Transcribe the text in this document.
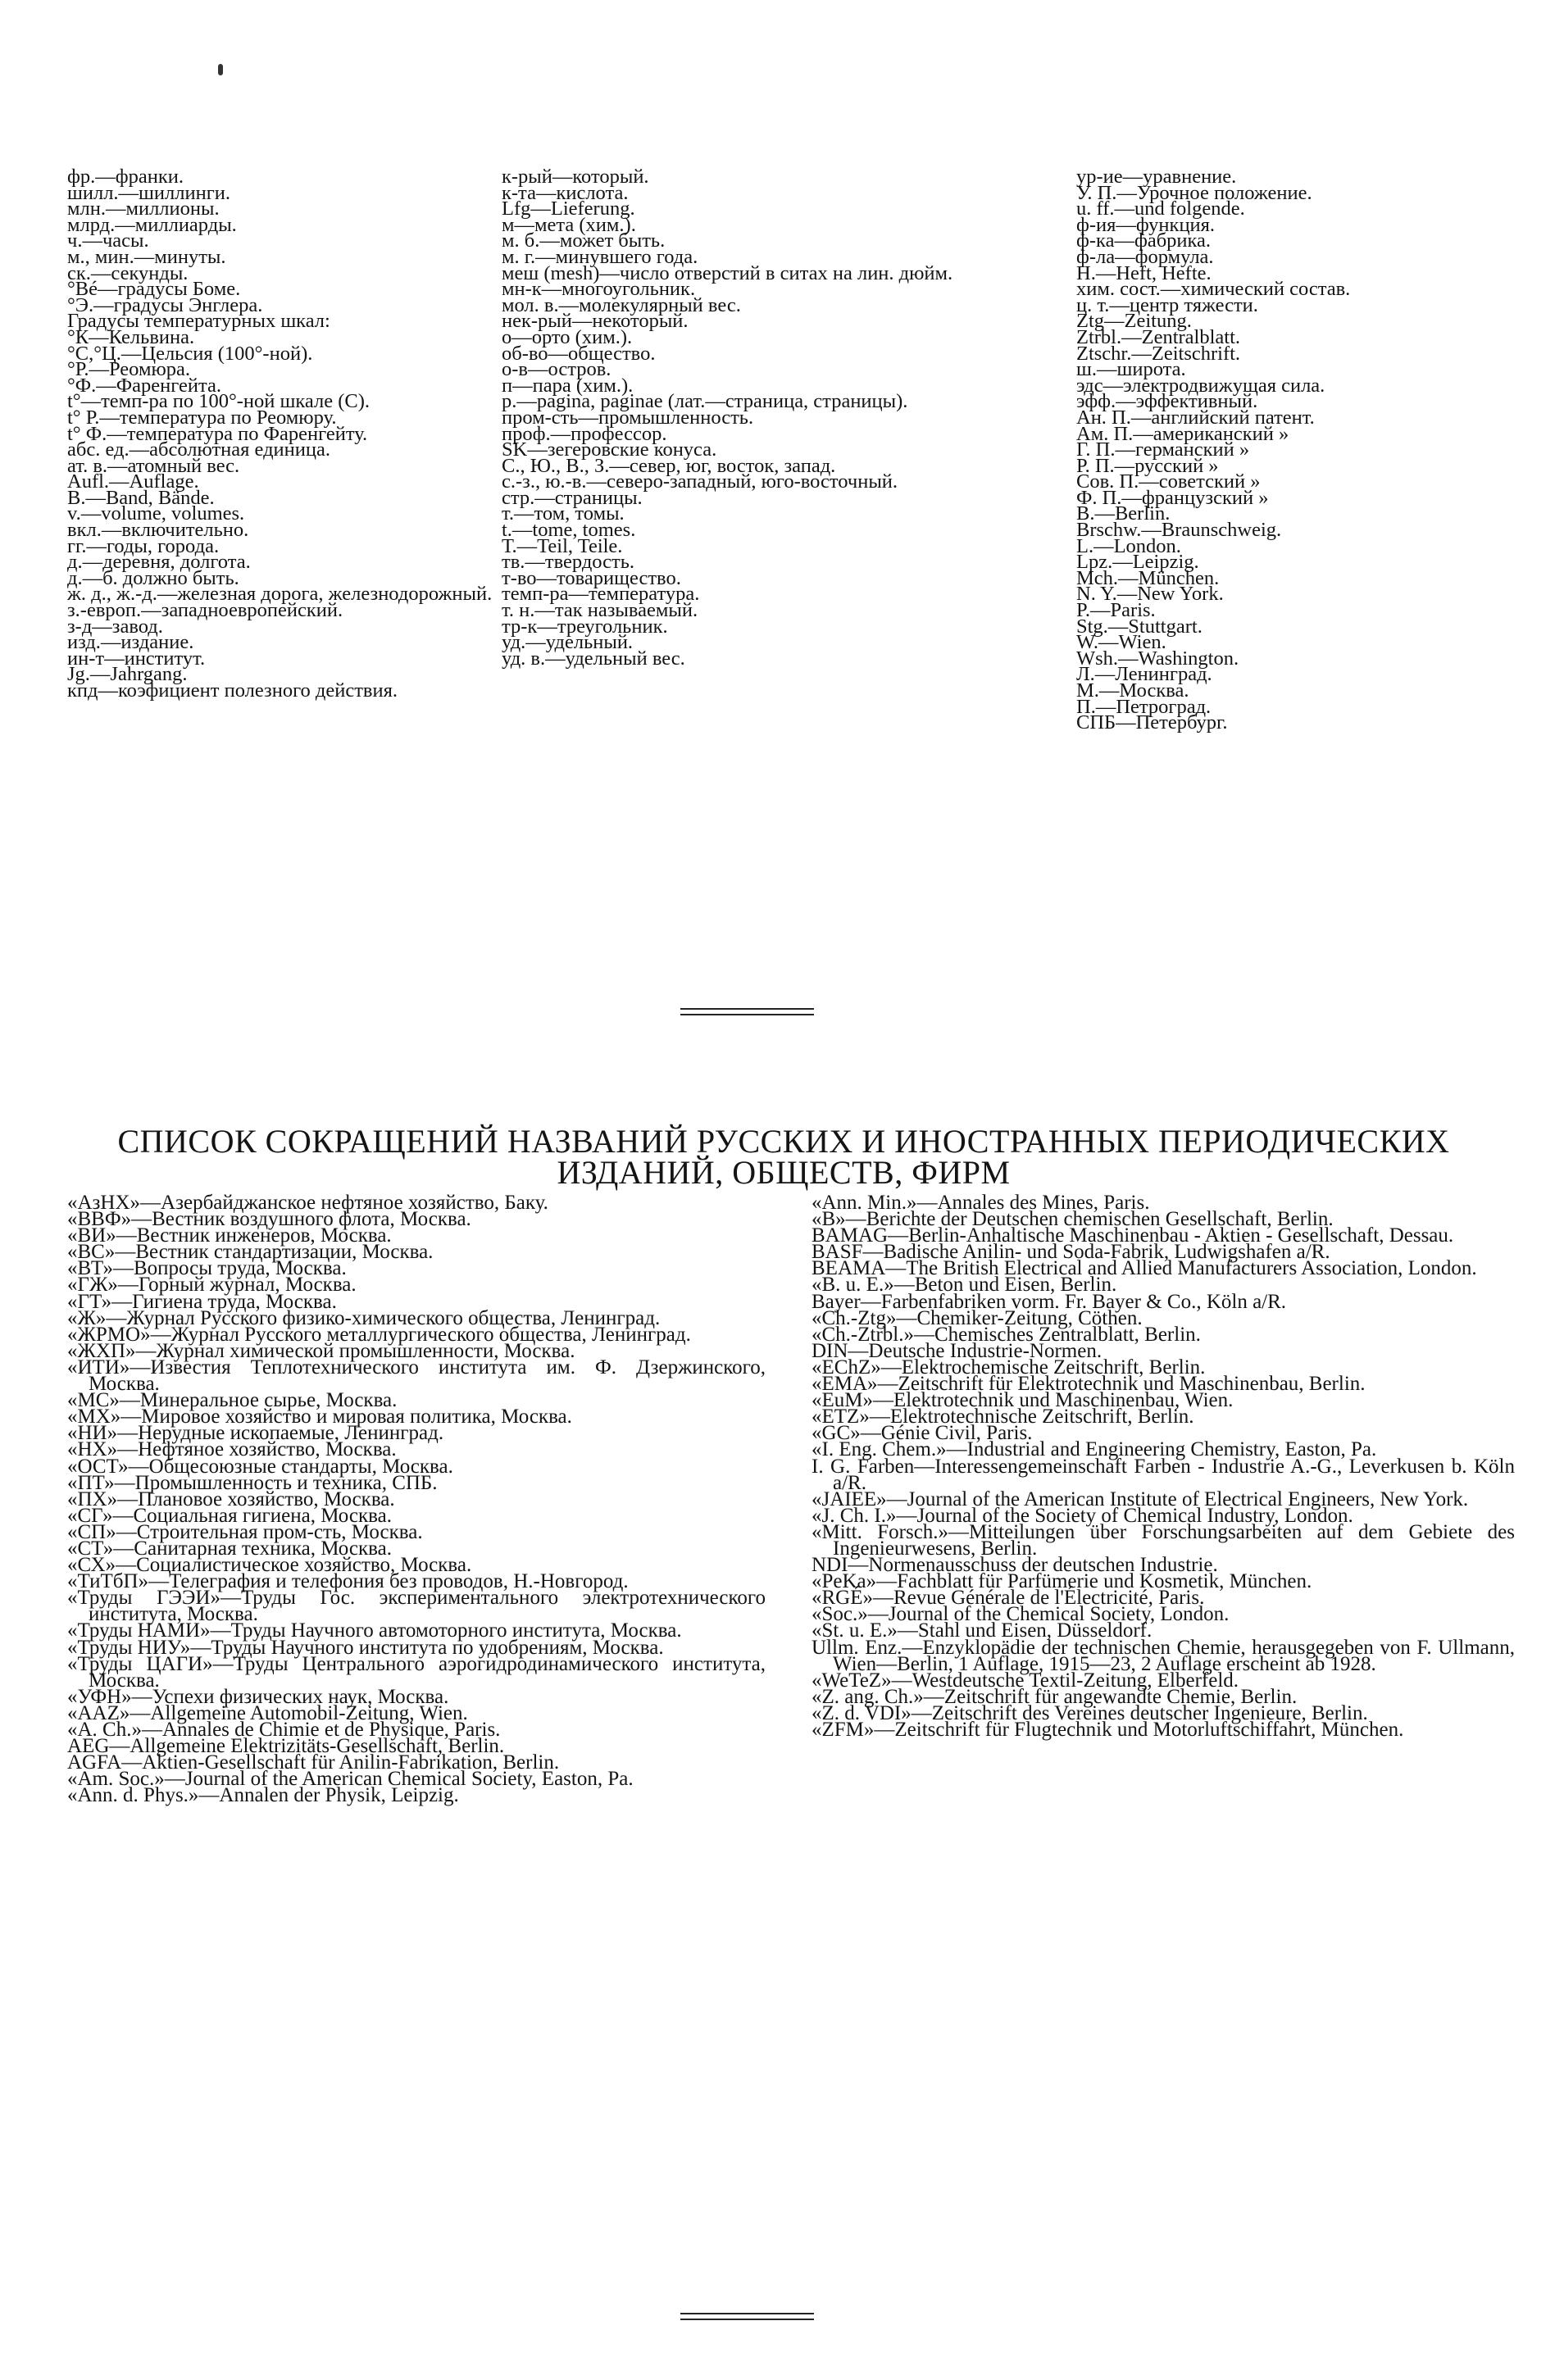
фр.—франки.
шилл.—шиллинги.
млн.—миллионы.
млрд.—миллиарды.
ч.—часы.
м., мин.—минуты.
ск.—секунды.
°Bé—градусы Боме.
°Э.—градусы Энглера.
Градусы температурных шкал:
°К—Кельвина.
°С,°Ц.—Цельсия (100°-ной).
°Р.—Реомюра.
°Ф.—Фаренгейта.
t°—темп-ра по 100°-ной шкале (С).
t° Р.—температура по Реомюру.
t° Ф.—температура по Фаренгейту.
абс. ед.—абсолютная единица.
ат. в.—атомный вес.
Aufl.—Auflage.
B.—Band, Bände.
v.—volume, volumes.
вкл.—включительно.
гг.—годы, города.
д.—деревня, долгота.
д.—б. должно быть.
ж. д., ж.-д.—железная дорога, железнодорожный.
з.-европ.—западноевропейский.
з-д—завод.
изд.—издание.
ин-т—институт.
Jg.—Jahrgang.
кпд—коэфициент полезного действия.
к-рый—который.
к-та—кислота.
Lfg—Lieferung.
м—мета (хим.).
м. б.—может быть.
м. г.—минувшего года.
меш (mesh)—число отверстий в ситах на лин. дюйм.
мн-к—многоугольник.
мол. в.—молекулярный вес.
нек-рый—некоторый.
о—орто (хим.).
об-во—общество.
о-в—остров.
п—пара (хим.).
р.—pagina, paginae (лат.—страница, страницы).
пром-сть—промышленность.
проф.—профессор.
SK—зегеровские конуса.
С., Ю., В., З.—север, юг, восток, запад.
с.-з., ю.-в.—северо-западный, юго-восточный.
стр.—страницы.
т.—том, томы.
t.—tome, tomes.
Т.—Teil, Teile.
тв.—твердость.
т-во—товарищество.
темп-ра—температура.
т. н.—так называемый.
тр-к—треугольник.
уд.—удельный.
уд. в.—удельный вес.
ур-ие—уравнение.
У. П.—Урочное положение.
u. ff.—und folgende.
ф-ия—функция.
ф-ка—фабрика.
ф-ла—формула.
Н.—Heft, Hefte.
хим. сост.—химический состав.
ц. т.—центр тяжести.
Ztg—Zeitung.
Ztrbl.—Zentralblatt.
Ztschr.—Zeitschrift.
ш.—широта.
эдс—электродвижущая сила.
эфф.—эффективный.
Ан. П.—английский патент.
Ам. П.—американский »
Г. П.—германский »
Р. П.—русский »
Сов. П.—советский »
Ф. П.—французский »
B.—Berlin.
Brschw.—Braunschweig.
L.—London.
Lpz.—Leipzig.
Mch.—München.
N. Y.—New York.
P.—Paris.
Stg.—Stuttgart.
W.—Wien.
Wsh.—Washington.
Л.—Ленинград.
М.—Москва.
П.—Петроград.
СПБ—Петербург.
СПИСОК СОКРАЩЕНИЙ НАЗВАНИЙ РУССКИХ И ИНОСТРАННЫХ ПЕРИОДИЧЕСКИХ ИЗДАНИЙ, ОБЩЕСТВ, ФИРМ
«АзНХ»—Азербайджанское нефтяное хозяйство, Баку.
«ВВФ»—Вестник воздушного флота, Москва.
«ВИ»—Вестник инженеров, Москва.
«ВС»—Вестник стандартизации, Москва.
«ВТ»—Вопросы труда, Москва.
«ГЖ»—Горный журнал, Москва.
«ГТ»—Гигиена труда, Москва.
«Ж»—Журнал Русского физико-химического общества, Ленинград.
«ЖРМО»—Журнал Русского металлургического общества, Ленинград.
«ЖХП»—Журнал химической промышленности, Москва.
«ИТИ»—Известия Теплотехнического института им. Ф. Дзержинского, Москва.
«МС»—Минеральное сырье, Москва.
«МХ»—Мировое хозяйство и мировая политика, Москва.
«НИ»—Нерудные ископаемые, Ленинград.
«НХ»—Нефтяное хозяйство, Москва.
«ОСТ»—Общесоюзные стандарты, Москва.
«ПТ»—Промышленность и техника, СПБ.
«ПХ»—Плановое хозяйство, Москва.
«СГ»—Социальная гигиена, Москва.
«СП»—Строительная пром-сть, Москва.
«СТ»—Санитарная техника, Москва.
«СХ»—Социалистическое хозяйство, Москва.
«ТиТбП»—Телеграфия и телефония без проводов, Н.-Новгород.
«Труды ГЭЭИ»—Труды Гос. экспериментального электротехнического института, Москва.
«Труды НАМИ»—Труды Научного автомоторного института, Москва.
«Труды НИУ»—Труды Научного института по удобрениям, Москва.
«Труды ЦАГИ»—Труды Центрального аэрогидродинамического института, Москва.
«УФН»—Успехи физических наук, Москва.
«AAZ»—Allgemeine Automobil-Zeitung, Wien.
«A. Ch.»—Annales de Chimie et de Physique, Paris.
AEG—Allgemeine Elektrizitäts-Gesellschaft, Berlin.
AGFA—Aktien-Gesellschaft für Anilin-Fabrikation, Berlin.
«Am. Soc.»—Journal of the American Chemical Society, Easton, Pa.
«Ann. d. Phys.»—Annalen der Physik, Leipzig.
«Ann. Min.»—Annales des Mines, Paris.
«B»—Berichte der Deutschen chemischen Gesellschaft, Berlin.
BAMAG—Berlin-Anhaltische Maschinenbau - Aktien - Gesellschaft, Dessau.
BASF—Badische Anilin- und Soda-Fabrik, Ludwigshafen a/R.
BEAMA—The British Electrical and Allied Manufacturers Association, London.
«B. u. E.»—Beton und Eisen, Berlin.
Bayer—Farbenfabriken vorm. Fr. Bayer & Co., Köln a/R.
«Ch.-Ztg»—Chemiker-Zeitung, Cöthen.
«Ch.-Ztrbl.»—Chemisches Zentralblatt, Berlin.
DIN—Deutsche Industrie-Normen.
«EChZ»—Elektrochemische Zeitschrift, Berlin.
«EMA»—Zeitschrift für Elektrotechnik und Maschinenbau, Berlin.
«EuM»—Elektrotechnik und Maschinenbau, Wien.
«ETZ»—Elektrotechnische Zeitschrift, Berlin.
«GC»—Génie Civil, Paris.
«I. Eng. Chem.»—Industrial and Engineering Chemistry, Easton, Pa.
I. G. Farben—Interessengemeinschaft Farben - Industrie A.-G., Leverkusen b. Köln a/R.
«JAIEE»—Journal of the American Institute of Electrical Engineers, New York.
«J. Ch. I.»—Journal of the Society of Chemical Industry, London.
«Mitt. Forsch.»—Mitteilungen über Forschungsarbeiten auf dem Gebiete des Ingenieurwesens, Berlin.
NDI—Normenausschuss der deutschen Industrie.
«PeKa»—Fachblatt für Parfümerie und Kosmetik, München.
«RGÉ»—Revue Générale de l'Électricité, Paris.
«Soc.»—Journal of the Chemical Society, London.
«St. u. E.»—Stahl und Eisen, Düsseldorf.
Ullm. Enz.—Enzyklopädie der technischen Chemie, herausgegeben von F. Ullmann, Wien—Berlin, 1 Auflage, 1915—23, 2 Auflage erscheint ab 1928.
«WeTeZ»—Westdeutsche Textil-Zeitung, Elberfeld.
«Z. ang. Ch.»—Zeitschrift für angewandte Chemie, Berlin.
«Z. d. VDI»—Zeitschrift des Vereines deutscher Ingenieure, Berlin.
«ZFM»—Zeitschrift für Flugtechnik und Motorluftschiffahrt, München.
